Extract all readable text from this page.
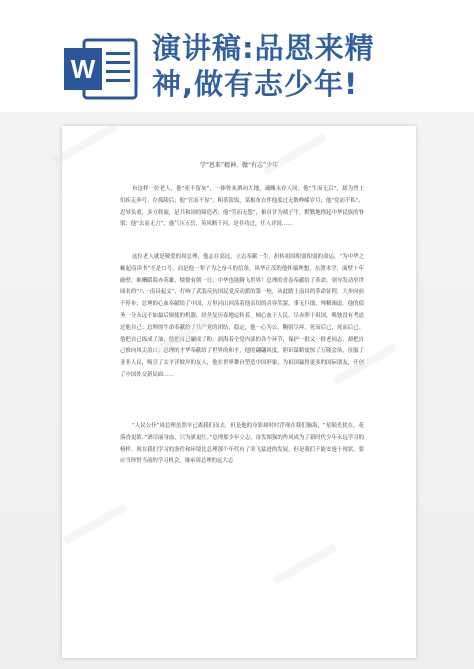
W
演讲稿:品恩来精
神,做有志少年!
学“恩来”精神，做“有志”少年
有这样一位老人，他“死不留灰”，一捧骨灰洒向大地，魂魄永存人间；他“生而无后”，却为烈士们疾走奔号，存孤续后；他“官而不显”，粗茶淡饭，菜根布衣伴他度过无数峥嵘岁月；他“党而不私”，忍辱负重，多方斡旋，是共和国的缔造者；他“劳而无怨”，俯首甘为孺子牛，默默地撑起中华民族的脊梁；他“去而无言”，盛气压五岳，英风断千河，是非功过，任人评说……
这位老人就是敬爱的周总理，他志存高远，立志奉献一生，担转祖国积弱积弱的命运，“为中华之崛起而读书”不是口号，而是他一辈子为之奋斗的信条。风华正茂的他怀揣理想，东渡求学，面壁十年破壁，难酬蹈海亦英雄，憧憬有朝一日，中华也能腾飞世界！总理的青春奉献给了革命，领导发动举世闻名的“八一南昌起义”，打响了武装反抗国民党反动派的第一枪，从此踏上南昌的革命征程，大步向前不停步；总理的心血奉献给了中国，万里河山回荡着他亲切的音容笑貌，事无巨细，殚精竭虑。他的债务一分永远不如最后倒使的机器，经冬复历春地运转着，倾心血于人民，尽赤胆于祖国，唯独没有考虑过他自己；总理的生命奉献给了共产党的团结，稳定，他一心为公，鞠躬尽瘁，死而后已，死而后已。他把自己练成了油，他把自己碾成了粉，润海着全党内部的各个环节，保护一批又一批老同志，却把自己推向风尖浪口；总理的才华奉献给了世界的和平，他的翩翩风度，胆识谋略震惊了万隆会场，征服了亚非人民，吸引了太平洋彼岸的友人，他在世界舞台塑造中国形象，为祖国赢得更多的国际朋友，开创了中国外交新局面……
“人民公仆”周总理虽然早已离我们而去，但是他的身影却时时浮现在我们脑海，“星陨光犹在，花落香更浓。”酒尽丽身血，只为旗更红。”总理那少年立志，奋发图强的作风成为了新时代少年永远学习的榜样。现在我们学习的条件和环境比总理那个年代有了突飞猛进的发展，但是我们不能安逸于现状，要应当珍惜当前的学习机会，继承周总理的远大志
